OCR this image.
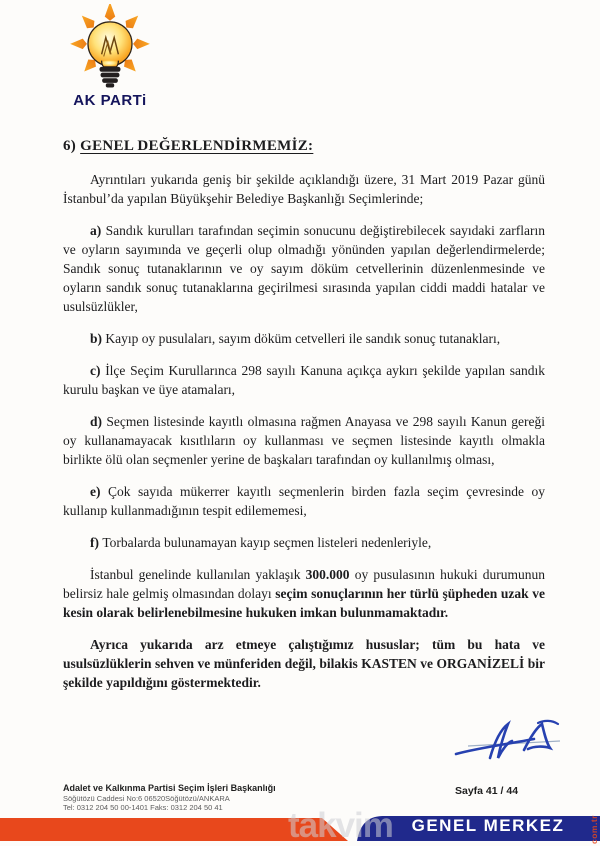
AK PARTi
6) GENEL DEĞERLENDİRMEMİZ:

Ayrıntıları yukarıda geniş bir şekilde açıklandığı üzere, 31 Mart 2019 Pazar günü İstanbul’da yapılan Büyükşehir Belediye Başkanlığı Seçimlerinde;

a) Sandık kurulları tarafından seçimin sonucunu değiştirebilecek sayıdaki zarfların ve oyların sayımında ve geçerli olup olmadığı yönünden yapılan değerlendirmelerde; Sandık sonuç tutanaklarının ve oy sayım döküm cetvellerinin düzenlenmesinde ve oyların sandık sonuç tutanaklarına geçirilmesi sırasında yapılan ciddi maddi hatalar ve usulsüzlükler,

b) Kayıp oy pusulaları, sayım döküm cetvelleri ile sandık sonuç tutanakları,

c) İlçe Seçim Kurullarınca 298 sayılı Kanuna açıkça aykırı şekilde yapılan sandık kurulu başkan ve üye atamaları,

d) Seçmen listesinde kayıtlı olmasına rağmen Anayasa ve 298 sayılı Kanun gereği oy kullanamayacak kısıtlıların oy kullanması ve seçmen listesinde kayıtlı olmakla birlikte ölü olan seçmenler yerine de başkaları tarafından oy kullanılmış olması,

e) Çok sayıda mükerrer kayıtlı seçmenlerin birden fazla seçim çevresinde oy kullanıp kullanmadığının tespit edilememesi,

f) Torbalarda bulunamayan kayıp seçmen listeleri nedenleriyle,

İstanbul genelinde kullanılan yaklaşık 300.000 oy pusulasının hukuki durumunun belirsiz hale gelmiş olmasından dolayı seçim sonuçlarının her türlü şüpheden uzak ve kesin olarak belirlenebilmesine hukuken imkan bulunmamaktadır.

Ayrıca yukarıda arz etmeye çalıştığımız hususlar; tüm bu hata ve usulsüzlüklerin sehven ve münferiden değil, bilakis KASTEN ve ORGANİZELİ bir şekilde yapıldığını göstermektedir.

Adalet ve Kalkınma Partisi Seçim İşleri Başkanlığı
Söğütözü Caddesi No:6 06520Söğütözü/ANKARA
Tel: 0312 204 50 00-1401 Faks: 0312 204 50 41
Sayfa 41 / 44
GENEL MERKEZ
takvim	com.tr
